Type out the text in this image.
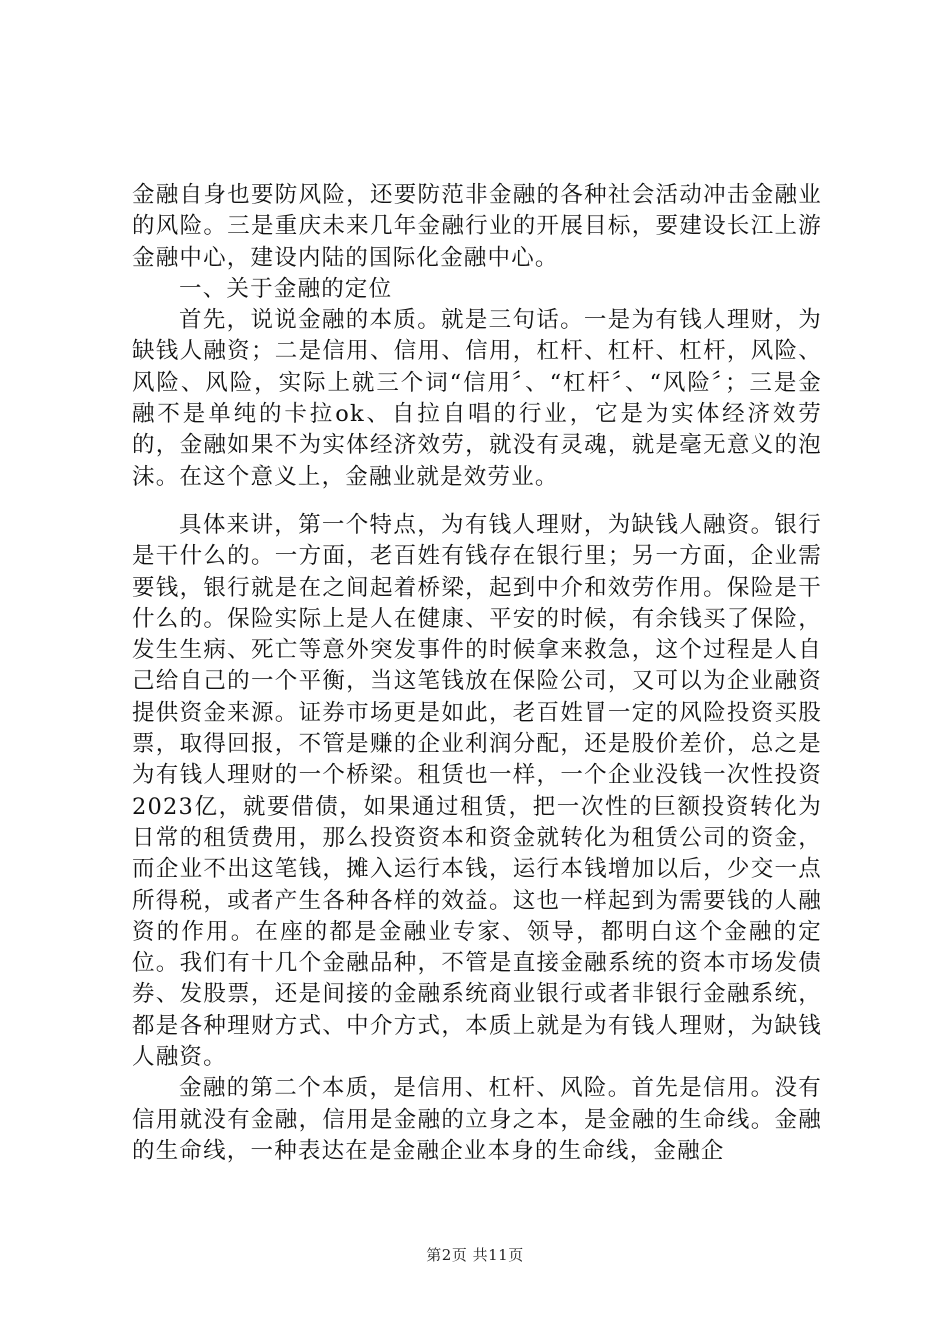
金融自身也要防风险，还要防范非金融的各种社会活动冲击金融业的风险。三是重庆未来几年金融行业的开展目标，要建设长江上游金融中心，建设内陆的国际化金融中心。

一、关于金融的定位

首先，说说金融的本质。就是三句话。一是为有钱人理财，为缺钱人融资；二是信用、信用、信用，杠杆、杠杆、杠杆，风险、风险、风险，实际上就三个词“信用〞、“杠杆〞、“风险〞；三是金融不是单纯的卡拉ok、自拉自唱的行业，它是为实体经济效劳的，金融如果不为实体经济效劳，就没有灵魂，就是毫无意义的泡沫。在这个意义上，金融业就是效劳业。

具体来讲，第一个特点，为有钱人理财，为缺钱人融资。银行是干什么的。一方面，老百姓有钱存在银行里；另一方面，企业需要钱，银行就是在之间起着桥梁，起到中介和效劳作用。保险是干什么的。保险实际上是人在健康、平安的时候，有余钱买了保险，发生生病、死亡等意外突发事件的时候拿来救急，这个过程是人自己给自己的一个平衡，当这笔钱放在保险公司，又可以为企业融资提供资金来源。证券市场更是如此，老百姓冒一定的风险投资买股票，取得回报，不管是赚的企业利润分配，还是股价差价，总之是为有钱人理财的一个桥梁。租赁也一样，一个企业没钱一次性投资2023亿，就要借债，如果通过租赁，把一次性的巨额投资转化为日常的租赁费用，那么投资资本和资金就转化为租赁公司的资金，而企业不出这笔钱，摊入运行本钱，运行本钱增加以后，少交一点所得税，或者产生各种各样的效益。这也一样起到为需要钱的人融资的作用。在座的都是金融业专家、领导，都明白这个金融的定位。我们有十几个金融品种，不管是直接金融系统的资本市场发债券、发股票，还是间接的金融系统商业银行或者非银行金融系统，都是各种理财方式、中介方式，本质上就是为有钱人理财，为缺钱人融资。

金融的第二个本质，是信用、杠杆、风险。首先是信用。没有信用就没有金融，信用是金融的立身之本，是金融的生命线。金融的生命线，一种表达在是金融企业本身的生命线，金融企

第2页 共11页
